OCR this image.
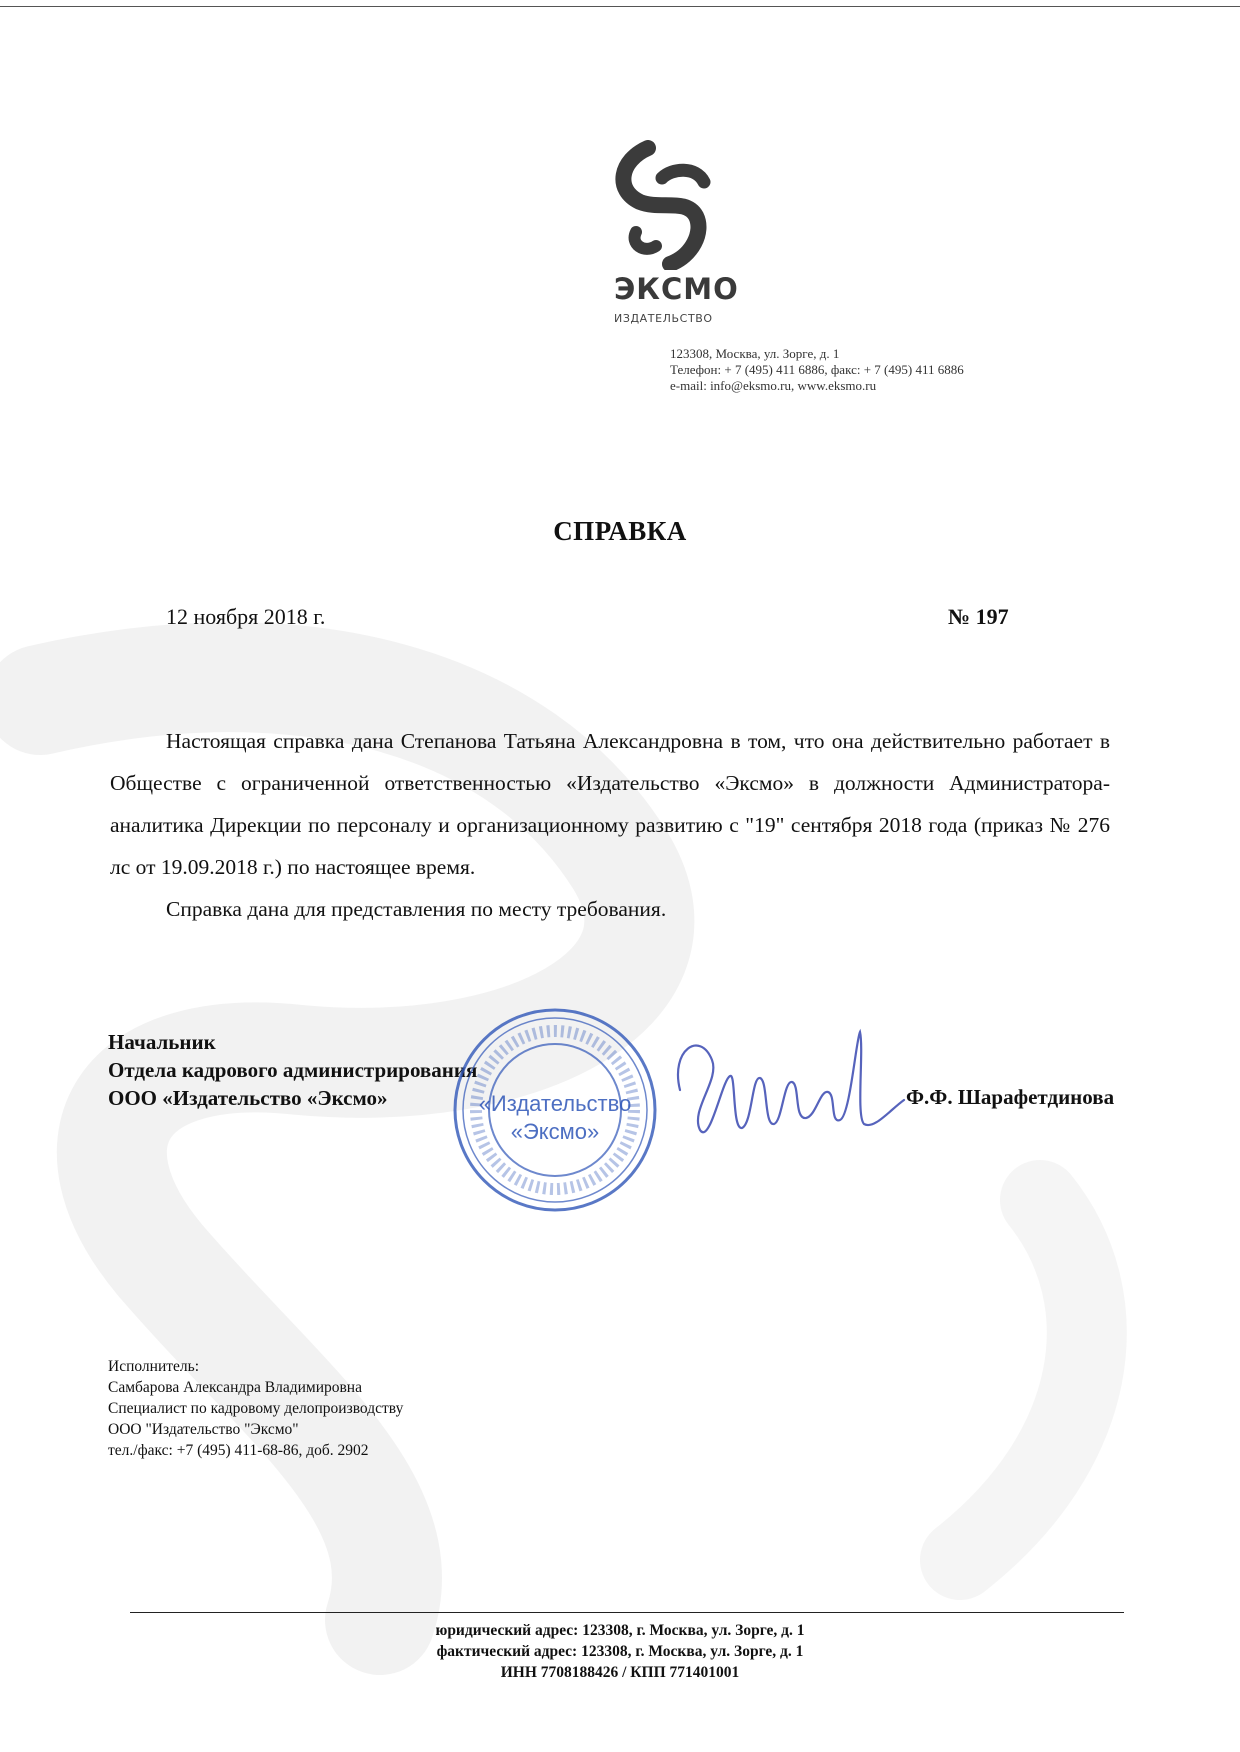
ЭКСМО
ИЗДАТЕЛЬСТВО
123308, Москва, ул. Зорге, д. 1
Телефон: + 7 (495) 411 6886, факс: + 7 (495) 411 6886
e-mail: info@eksmo.ru, www.eksmo.ru
СПРАВКА
12 ноября 2018 г.	№ 197

Настоящая справка дана Степанова Татьяна Александровна в том, что она действительно работает в Обществе с ограниченной ответственностью «Издательство «Эксмо» в должности Администратора-аналитика Дирекции по персоналу и организационному развитию с "19" сентября 2018 года (приказ № 276 лс от 19.09.2018 г.) по настоящее время.

Справка дана для представления по месту требования.

Начальник
Отдела кадрового администрирования
ООО «Издательство «Эксмо»	«Издательство
«Эксмо»
Ф.Ф. Шарафетдинова
Исполнитель:
Самбарова Александра Владимировна
Специалист по кадровому делопроизводству
ООО "Издательство "Эксмо"
тел./факс: +7 (495) 411-68-86, доб. 2902
юридический адрес: 123308, г. Москва, ул. Зорге, д. 1
фактический адрес: 123308, г. Москва, ул. Зорге, д. 1
ИНН 7708188426 / КПП 771401001
